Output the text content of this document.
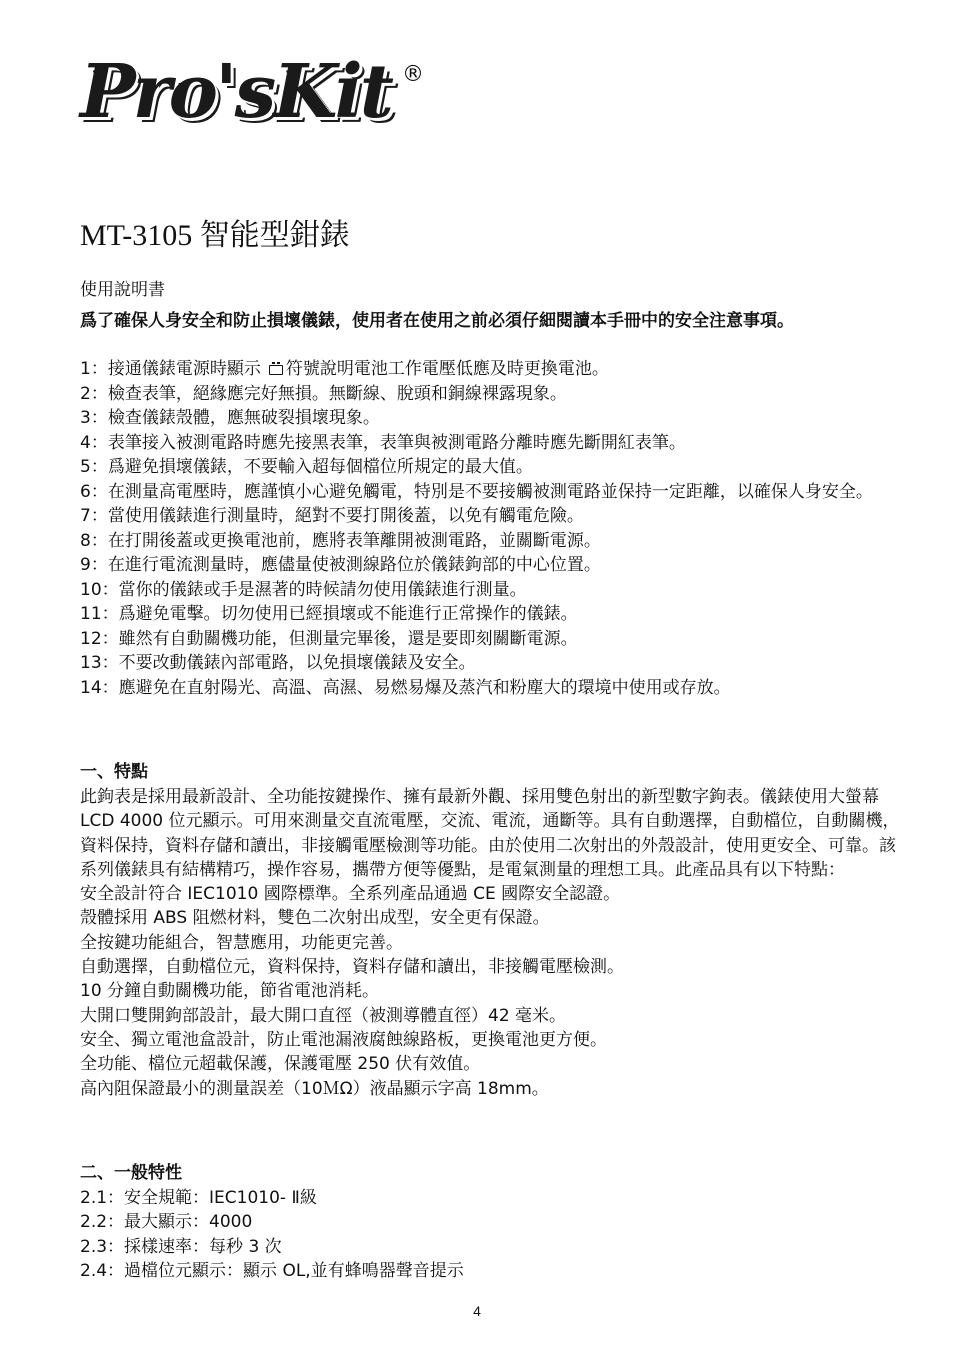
Pro'sKit ®
MT-3105 智能型鉗錶
使用說明書
爲了確保人身安全和防止損壞儀錶，使用者在使用之前必須仔細閱讀本手冊中的安全注意事項。
1： 接通儀錶電源時顯示 符號說明電池工作電壓低應及時更換電池。
2： 檢查表筆，絕緣應完好無損。無斷線、脫頭和銅線裸露現象。
3： 檢查儀錶殼體，應無破裂損壞現象。
4： 表筆接入被測電路時應先接黑表筆，表筆與被測電路分離時應先斷開紅表筆。
5： 爲避免損壞儀錶，不要輸入超每個檔位所規定的最大值。
6： 在測量高電壓時，應謹慎小心避免觸電，特別是不要接觸被測電路並保持一定距離，以確保人身安全。
7： 當使用儀錶進行測量時，絕對不要打開後蓋，以免有觸電危險。
8： 在打開後蓋或更換電池前，應將表筆離開被測電路，並關斷電源。
9： 在進行電流測量時，應儘量使被測線路位於儀錶鉤部的中心位置。
10： 當你的儀錶或手是濕著的時候請勿使用儀錶進行測量。
11： 爲避免電擊。切勿使用已經損壞或不能進行正常操作的儀錶。
12： 雖然有自動關機功能，但測量完畢後，還是要即刻關斷電源。
13： 不要改動儀錶內部電路，以免損壞儀錶及安全。
14： 應避免在直射陽光、高溫、高濕、易燃易爆及蒸汽和粉塵大的環境中使用或存放。
一、特點

此鉤表是採用最新設計、全功能按鍵操作、擁有最新外觀、採用雙色射出的新型數字鉤表。儀錶使用大螢幕 LCD 4000 位元顯示。可用來測量交直流電壓，交流、電流，通斷等。具有自動選擇，自動檔位，自動關機，資料保持，資料存儲和讀出，非接觸電壓檢測等功能。由於使用二次射出的外殼設計，使用更安全、可靠。該系列儀錶具有結構精巧，操作容易，攜帶方便等優點，是電氣測量的理想工具。此產品具有以下特點：

安全設計符合 IEC1010 國際標準。全系列產品通過 CE 國際安全認證。

殼體採用 ABS 阻燃材料，雙色二次射出成型，安全更有保證。

全按鍵功能組合，智慧應用，功能更完善。

自動選擇，自動檔位元，資料保持，資料存儲和讀出，非接觸電壓檢測。

10 分鐘自動關機功能，節省電池消耗。

大開口雙開鉤部設計，最大開口直徑（被測導體直徑）42 毫米。

安全、獨立電池盒設計，防止電池漏液腐蝕線路板，更換電池更方便。

全功能、檔位元超載保護，保護電壓 250 伏有效值。

高內阻保證最小的測量誤差（10ＭΩ）液晶顯示字高 18mm。

二、一般特性

2.1：安全規範：IEC1010- Ⅱ級

2.2：最大顯示：4000

2.3：採樣速率：每秒 3 次

2.4：過檔位元顯示：顯示 OL,並有蜂鳴器聲音提示

4
